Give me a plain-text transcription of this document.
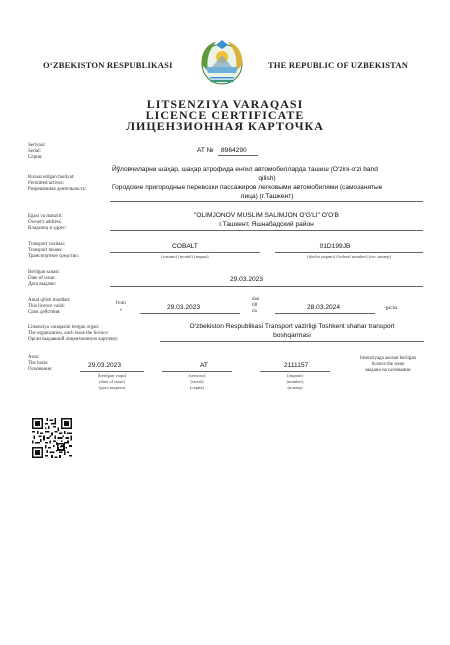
O‘ZBEKISTON RESPUBLIKASI	THE REPUBLIC OF UZBEKISTAN
LITSENZIYA VARAQASI
LICENCE CERTIFICATE
ЛИЦЕНЗИОННАЯ КАРТОЧКА
Seriyasi:
Serial:
Серия:
AT № 8964290
Ruxsat etilgan faoliyat:
Permitted actives:
Разрешенная деятельность:
Йўловчиларни шаҳар, шаҳар атрофида енгил автомобилларда ташиш (O‘zini-o‘zi band
qilish)
Городские пригородные перевозки пассажиров легковыми автомобилями (самозанятые
лица) (г.Ташкент)
Egasi va manzili:
Owner's address:
Владелец и адрес:
"OLIMJONOV MUSLIM SALIMJON O'G'LI" O'O'B
г.Ташкент, Яшнабадский район
Transport vositasi:
Transport means:
Транспортное средство:
COBALT	01D199JB
(rusumi) (model) (марка)	(davlat raqami) (federal number) (гос.номер)
Berilgan sanasi:
Date of issue:
Дата выдачи:
29.03.2023
Amal qilish muddati:
This licence valid:
Срок действия:
from
c	29.03.2023
dan
till
по
28.03.2024	-gacha
Litsenziya varaqasini bergan organ:
The organization, each issue the licence:
Орган выдавший лицензионную карточку:
O‘zbekiston Respublikasi Transport vazirligi Toshkent shahar transport
boshqarmasi
Asos:
The basis:
Основание:
29.03.2023	AT	2111157
(berilgan vaqti)
(date of issue)
(дата выдачи)
(seriyasi)
(serial)
(серия)
(raqami)
(number)
(номер)
litsenziyaga asosan berilgan
licence the issue
выдана на основании
